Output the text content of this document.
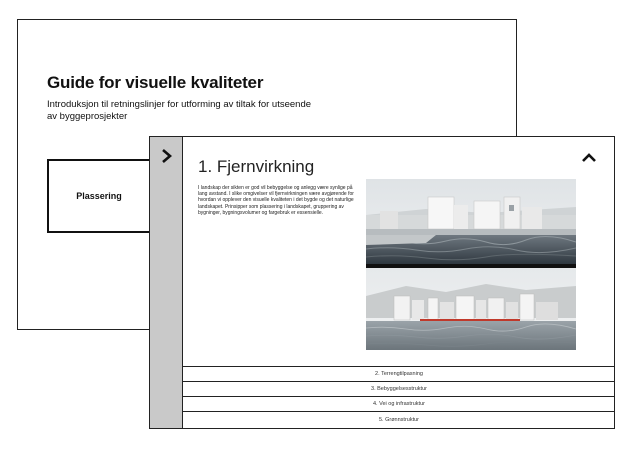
Guide for visuelle kvaliteter

Introduksjon til retningslinjer for utforming av tiltak for utseende av byggeprosjekter

Plassering
1. Fjernvirkning

I landskap der sikten er god vil bebyggelse og anlegg være synlige på lang avstand. I slike omgivelser vil fjernvirkningen være avgjørende for hvordan vi opplever den visuelle kvaliteten i det bygde og det naturlige landskapet. Prinsipper som plassering i landskapet, gruppering av bygninger, bygningsvolumer og fargebruk er essensielle.

2. Terrengtilpasning
3. Bebyggelsesstruktur
4. Vei og infrastruktur
5. Grønnstruktur
